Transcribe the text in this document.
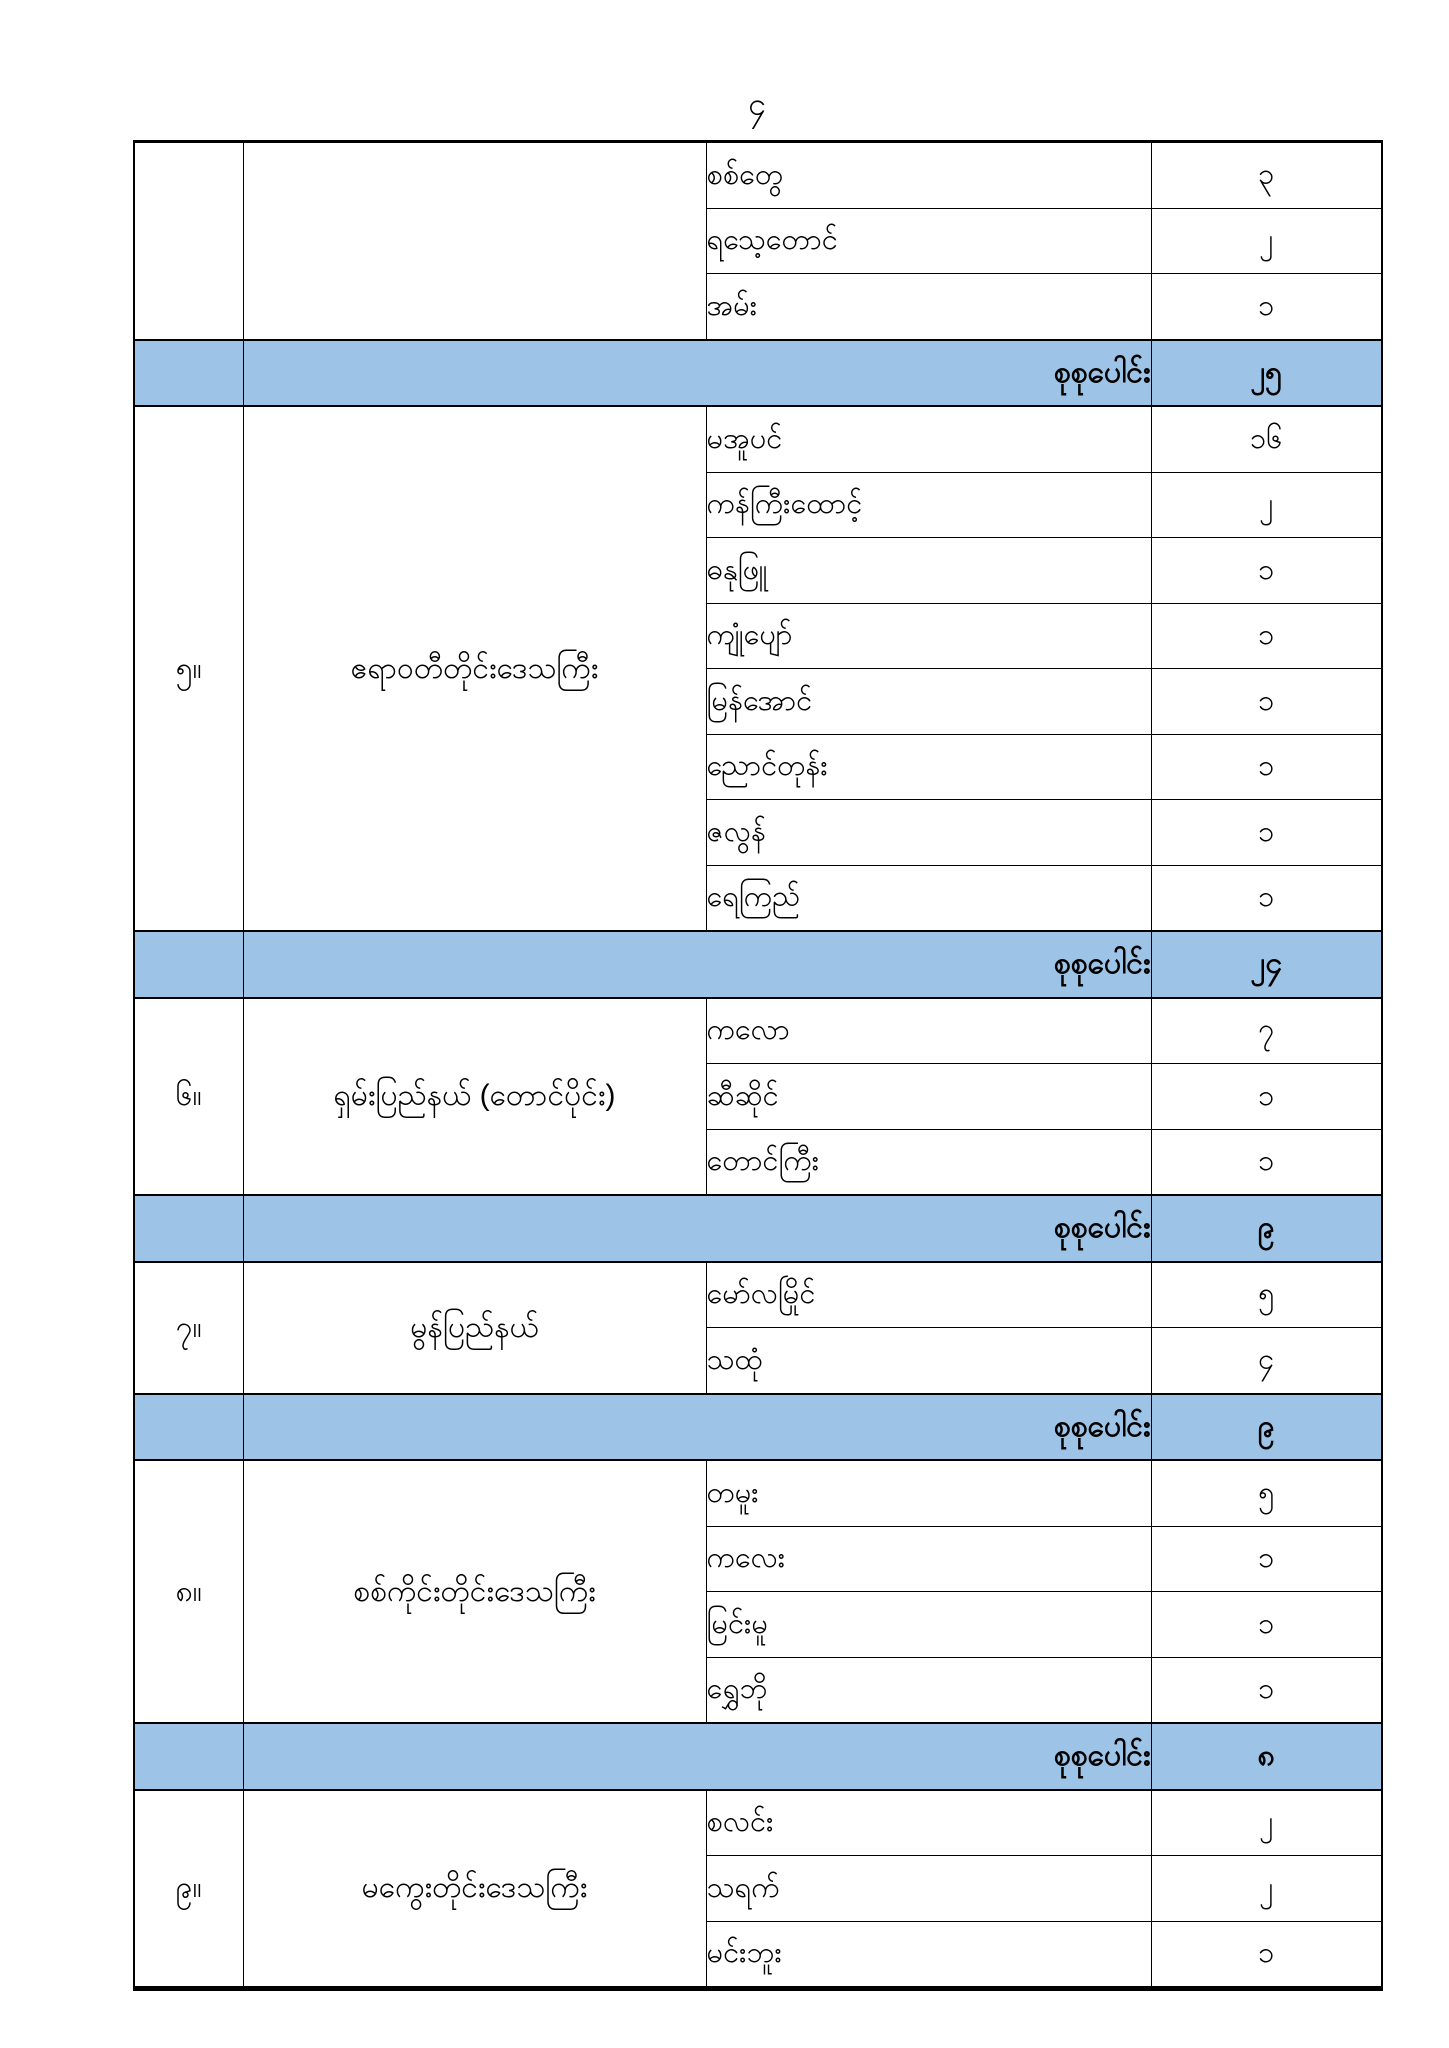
၄
		စစ်တွေ	၃
		ရသေ့တောင်	၂
		အမ်း	၁
	စုစုပေါင်း		၂၅
၅။	ဧရာဝတီတိုင်းဒေသကြီး	မအူပင်	၁၆
		ကန်ကြီးထောင့်	၂
		ဓနုဖြူ	၁
		ကျုံပျော်	၁
		မြန်အောင်	၁
		ညောင်တုန်း	၁
		ဇလွန်	၁
		ရေကြည်	၁
	စုစုပေါင်း		၂၄
၆။	ရှမ်းပြည်နယ် (တောင်ပိုင်း)	ကလော	၇
		ဆီဆိုင်	၁
		တောင်ကြီး	၁
	စုစုပေါင်း		၉
၇။	မွန်ပြည်နယ်	မော်လမြိုင်	၅
		သထုံ	၄
	စုစုပေါင်း		၉
၈။	စစ်ကိုင်းတိုင်းဒေသကြီး	တမူး	၅
		ကလေး	၁
		မြင်းမူ	၁
		ရွှေဘို	၁
	စုစုပေါင်း		၈
၉။	မကွေးတိုင်းဒေသကြီး	စလင်း	၂
		သရက်	၂
		မင်းဘူး	၁
